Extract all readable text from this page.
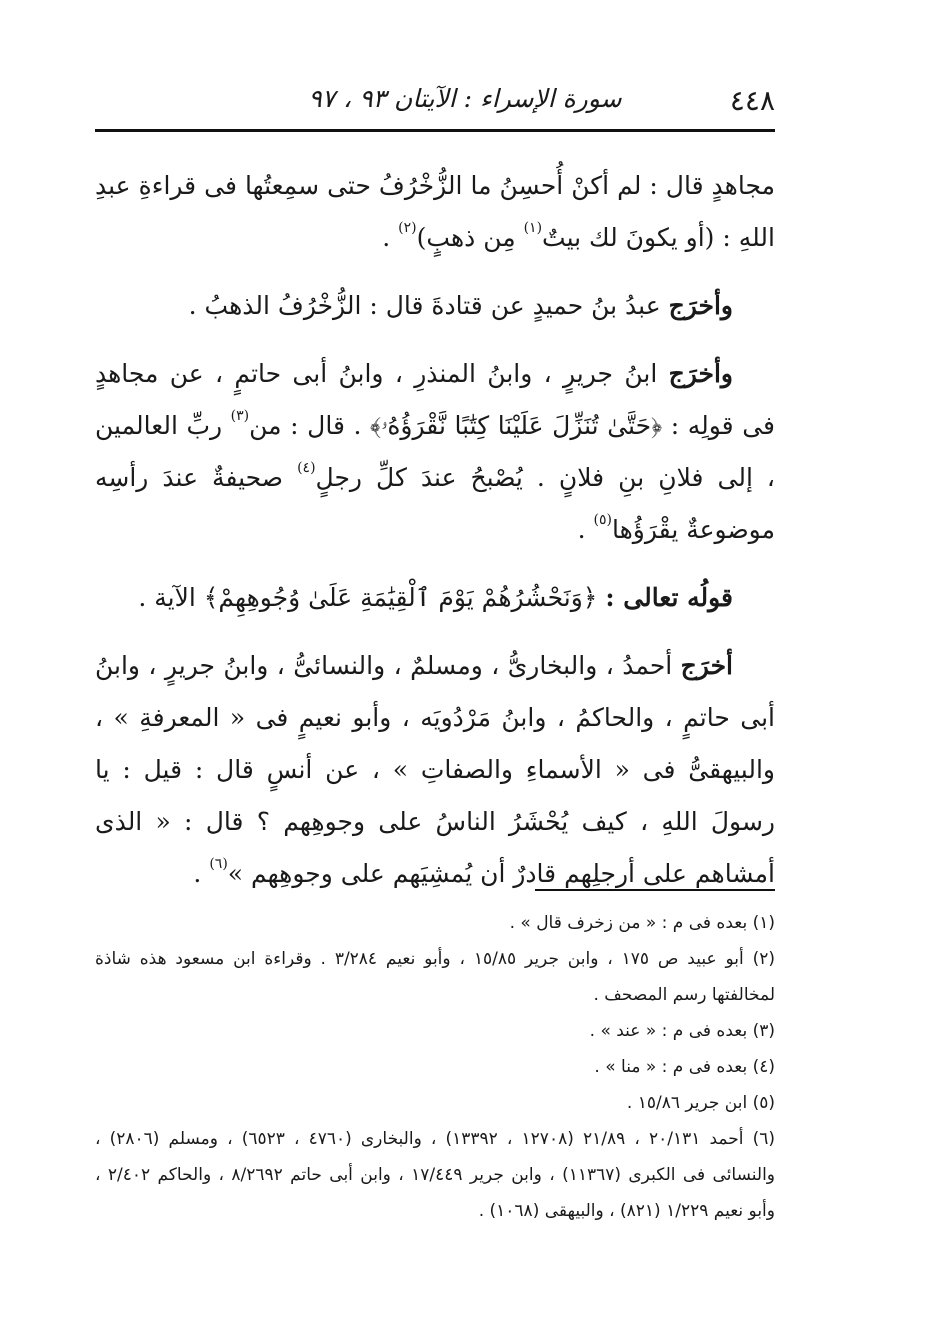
٤٤٨
سورة الإسراء : الآيتان ٩٣ ، ٩٧

مجاهدٍ قال : لم أكنْ أُحسِنُ ما الزُّخْرُفُ حتى سمِعتُها فى قراءةِ عبدِ اللهِ : (أو يكونَ لك بيتٌ$^{(١)}$ مِن ذهبٍ)$^{(٢)}$ .

وأخرَج عبدُ بنُ حميدٍ عن قتادةَ قال : الزُّخْرُفُ الذهبُ .

وأخرَج ابنُ جريرٍ ، وابنُ المنذرِ ، وابنُ أبى حاتمٍ ، عن مجاهدٍ فى قولِه : ﴿حَتَّىٰ تُنَزِّلَ عَلَيْنَا كِتَٰبًا نَّقْرَؤُهُۥ﴾ . قال : من$^{(٣)}$ ربِّ العالمين ، إلى فلانِ بنِ فلانٍ . يُصْبحُ عندَ كلِّ رجلٍ$^{(٤)}$ صحيفةٌ عندَ رأسِه موضوعةٌ يقْرَؤُها$^{(٥)}$ .

قولُه تعالى : ﴿وَنَحْشُرُهُمْ يَوْمَ ٱلْقِيَٰمَةِ عَلَىٰ وُجُوهِهِمْ﴾ الآية .

أخرَج أحمدُ ، والبخارىُّ ، ومسلمٌ ، والنسائىُّ ، وابنُ جريرٍ ، وابنُ أبى حاتمٍ ، والحاكمُ ، وابنُ مَرْدُويَه ، وأبو نعيمٍ فى « المعرفةِ » ، والبيهقىُّ فى « الأسماءِ والصفاتِ » ، عن أنسٍ قال : قيل : يا رسولَ اللهِ ، كيف يُحْشَرُ الناسُ على وجوهِهم ؟ قال : « الذى أمشاهم على أرجلِهم قادرٌ أن يُمشِيَهم على وجوهِهم »$^{(٦)}$ .

(١) بعده فى م : « من زخرف قال » .

(٢) أبو عبيد ص ١٧٥ ، وابن جرير ١٥/٨٥ ، وأبو نعيم ٣/٢٨٤ . وقراءة ابن مسعود هذه شاذة لمخالفتها رسم المصحف .

(٣) بعده فى م : « عند » .

(٤) بعده فى م : « منا » .

(٥) ابن جرير ١٥/٨٦ .

(٦) أحمد ٢٠/١٣١ ، ٢١/٨٩ (١٢٧٠٨ ، ١٣٣٩٢) ، والبخارى (٤٧٦٠ ، ٦٥٢٣) ، ومسلم (٢٨٠٦) ، والنسائى فى الكبرى (١١٣٦٧) ، وابن جرير ١٧/٤٤٩ ، وابن أبى حاتم ٨/٢٦٩٢ ، والحاكم ٢/٤٠٢ ، وأبو نعيم ١/٢٢٩ (٨٢١) ، والبيهقى (١٠٦٨) .
